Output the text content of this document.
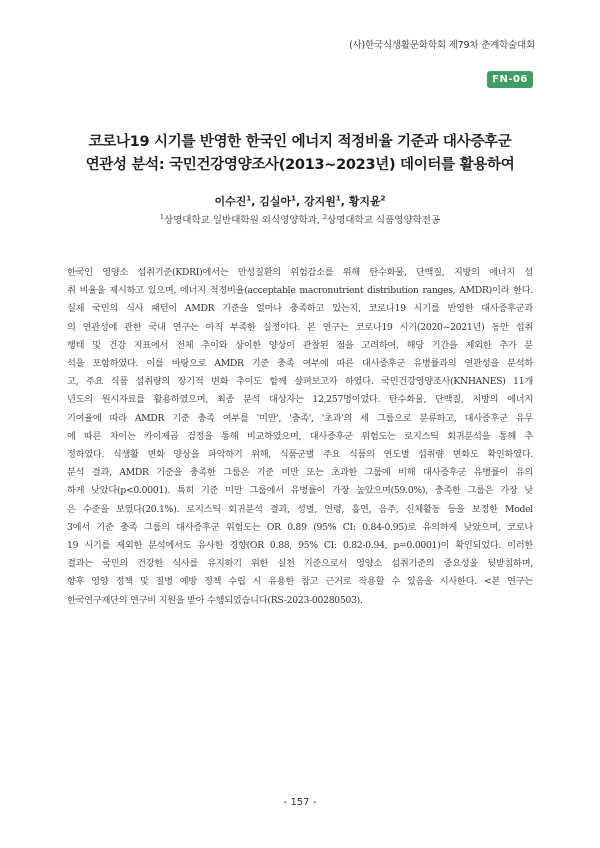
(사)한국식생활문화학회 제79차 춘계학술대회
FN-06
코로나19 시기를 반영한 한국인 에너지 적정비율 기준과 대사증후군
연관성 분석: 국민건강영양조사(2013~2023년) 데이터를 활용하여
이수진$^1$, 김실아$^1$, 강지원$^1$, 황지윤$^2$
$^1$상명대학교 일반대학원 외식영양학과, $^2$상명대학교 식품영양학전공
한국인 영양소 섭취기준(KDRI)에서는 만성질환의 위험감소를 위해 탄수화물, 단백질, 지방의 에너지 섭
취 비율을 제시하고 있으며, 에너지 적정비율(acceptable macronutrient distribution ranges, AMDR)이라 한다.
실제 국민의 식사 패턴이 AMDR 기준을 얼마나 충족하고 있는지, 코로나19 시기를 반영한 대사증후군과
의 연관성에 관한 국내 연구는 아직 부족한 실정이다. 본 연구는 코로나19 시기(2020~2021년) 동안 섭취
행태 및 건강 지표에서 전체 추이와 상이한 양상이 관찰된 점을 고려하여, 해당 기간을 제외한 추가 분
석을 포함하였다. 이를 바탕으로 AMDR 기준 충족 여부에 따른 대사증후군 유병률과의 연관성을 분석하
고, 주요 식품 섭취량의 장기적 변화 추이도 함께 살펴보고자 하였다. 국민건강영양조사(KNHANES) 11개
년도의 원시자료를 활용하였으며, 최종 분석 대상자는 12,257명이었다. 탄수화물, 단백질, 지방의 에너지
기여율에 따라 AMDR 기준 충족 여부를 '미만', '충족', '초과'의 세 그룹으로 분류하고, 대사증후군 유무
에 따른 차이는 카이제곱 검정을 통해 비교하였으며, 대사증후군 위험도는 로지스틱 회귀분석을 통해 추
정하였다. 식생활 변화 양상을 파악하기 위해, 식품군별 주요 식품의 연도별 섭취량 변화도 확인하였다.
분석 결과, AMDR 기준을 충족한 그룹은 기준 미만 또는 초과한 그룹에 비해 대사증후군 유병률이 유의
하게 낮았다(p<0.0001). 특히 기준 미만 그룹에서 유병률이 가장 높았으며(59.0%), 충족한 그룹은 가장 낮
은 수준을 보였다(20.1%). 로지스틱 회귀분석 결과, 성별, 연령, 흡연, 음주, 신체활동 등을 보정한 Model
3에서 기준 충족 그룹의 대사증후군 위험도는 OR 0.89 (95% CI: 0.84-0.95)로 유의하게 낮았으며, 코로나
19 시기를 제외한 분석에서도 유사한 경향(OR 0.88, 95% CI: 0.82-0.94, p=0.0001)이 확인되었다. 이러한
결과는 국민의 건강한 식사를 유지하기 위한 실천 기준으로서 영양소 섭취기준의 중요성을 뒷받침하며,
향후 영양 정책 및 질병 예방 정책 수립 시 유용한 참고 근거로 작용할 수 있음을 시사한다. <본 연구는
한국연구재단의 연구비 지원을 받아 수행되었습니다(RS-2023-00280503).
- 157 -
